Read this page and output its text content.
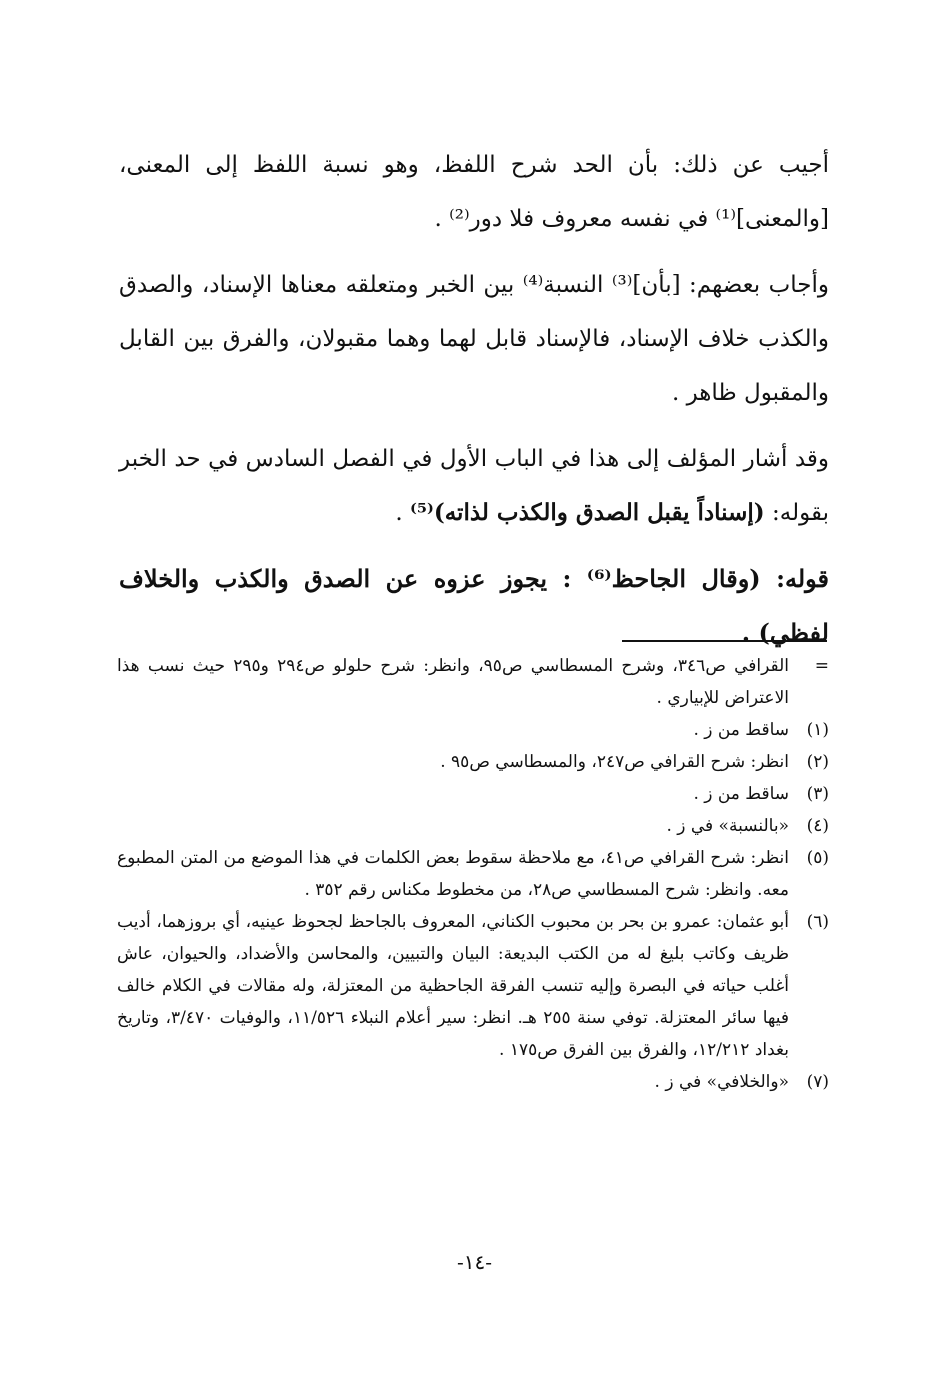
أجيب عن ذلك: بأن الحد شرح اللفظ، وهو نسبة اللفظ إلى المعنى، [والمعنى]⁽¹⁾ في نفسه معروف فلا دور⁽²⁾ .

وأجاب بعضهم: [بأن]⁽³⁾ النسبة⁽⁴⁾ بين الخبر ومتعلقه معناها الإسناد، والصدق والكذب خلاف الإسناد، فالإسناد قابل لهما وهما مقبولان، والفرق بين القابل والمقبول ظاهر .

وقد أشار المؤلف إلى هذا في الباب الأول في الفصل السادس في حد الخبر بقوله: (إسناداً يقبل الصدق والكذب لذاته)⁽⁵⁾ .

قوله: (وقال الجاحظ⁽⁶⁾ : يجوز عزوه عن الصدق والكذب والخلاف لفظي) .

=
القرافي ص٣٤٦، وشرح المسطاسي ص٩٥، وانظر: شرح حلولو ص٢٩٤ و٢٩٥ حيث نسب هذا الاعتراض للإبياري .
(١)
ساقط من ز .
(٢)
انظر: شرح القرافي ص٢٤٧، والمسطاسي ص٩٥ .
(٣)
ساقط من ز .
(٤)
«بالنسبة» في ز .
(٥)
انظر: شرح القرافي ص٤١، مع ملاحظة سقوط بعض الكلمات في هذا الموضع من المتن المطبوع معه. وانظر: شرح المسطاسي ص٢٨، من مخطوط مكناس رقم ٣٥٢ .
(٦)
أبو عثمان: عمرو بن بحر بن محبوب الكناني، المعروف بالجاحظ لجحوظ عينيه، أي بروزهما، أديب ظريف وكاتب بليغ له من الكتب البديعة: البيان والتبيين، والمحاسن والأضداد، والحيوان، عاش أغلب حياته في البصرة وإليه تنسب الفرقة الجاحظية من المعتزلة، وله مقالات في الكلام خالف فيها سائر المعتزلة. توفي سنة ٢٥٥ هـ. انظر: سير أعلام النبلاء ١١/٥٢٦، والوفيات ٣/٤٧٠، وتاريخ بغداد ١٢/٢١٢، والفرق بين الفرق ص١٧٥ .
(٧)
«والخلافي» في ز .
-١٤-
